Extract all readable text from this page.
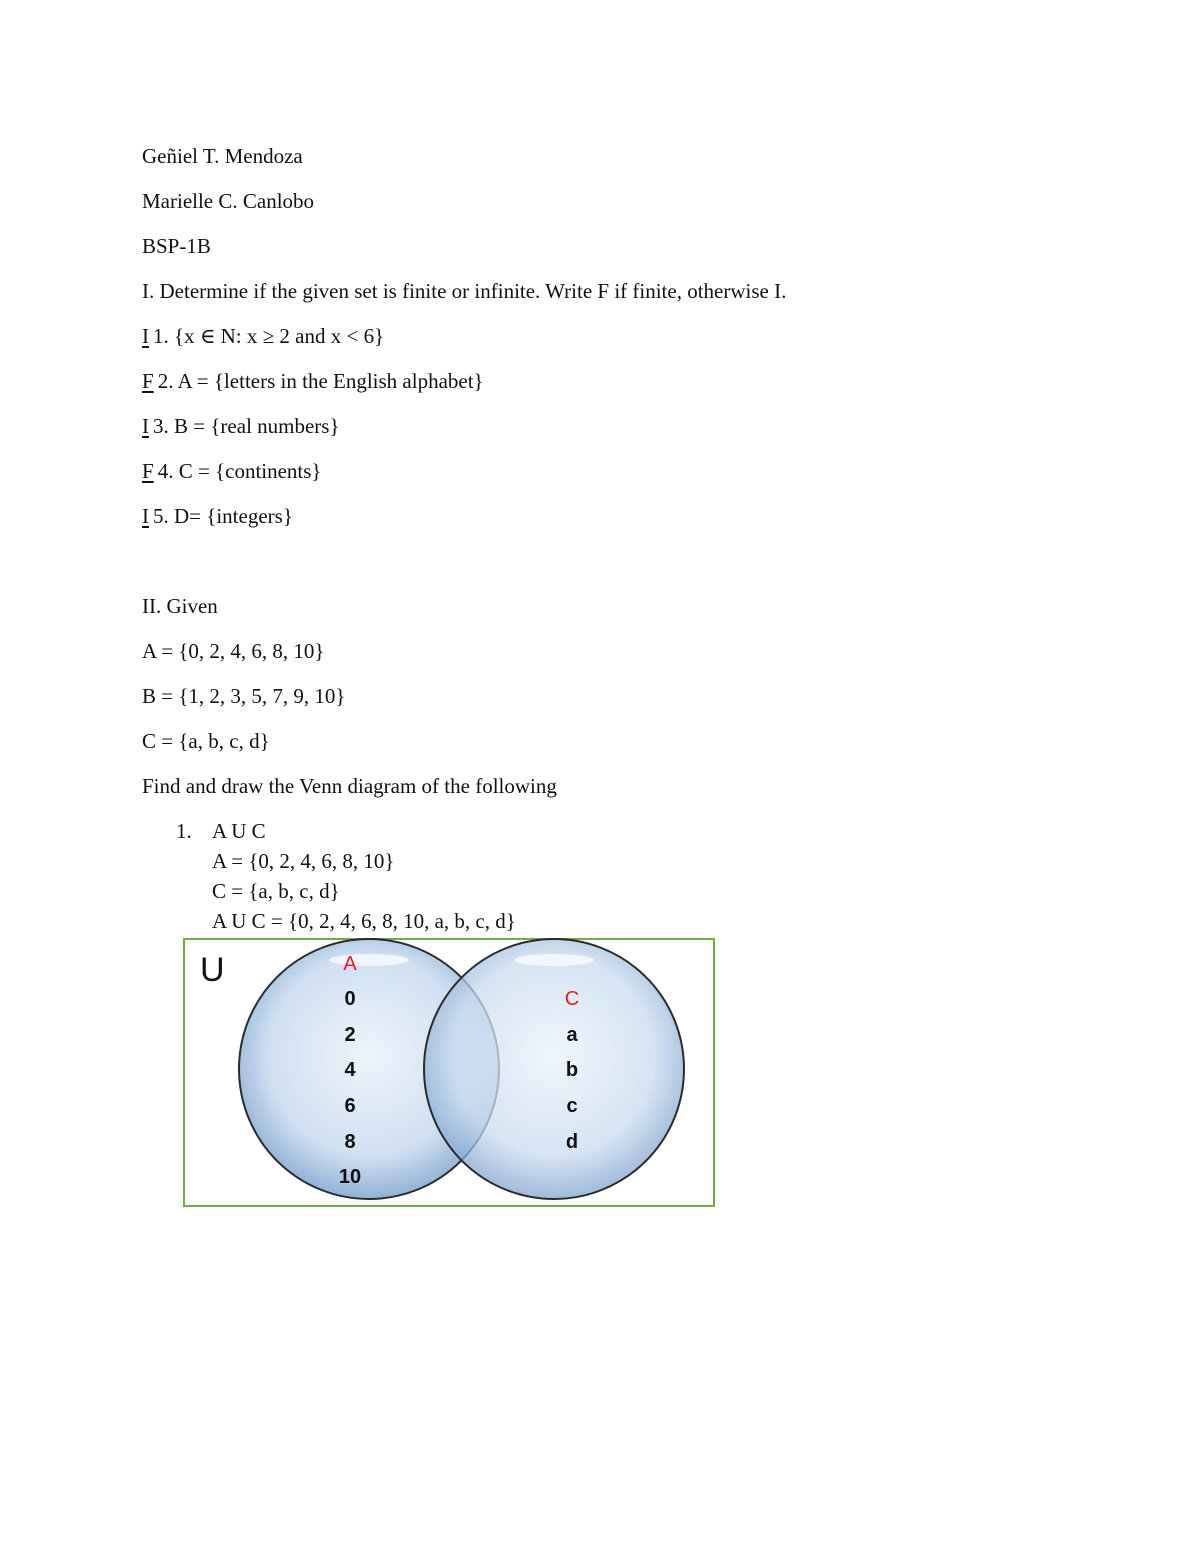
Geñiel T. Mendoza
Marielle C. Canlobo
BSP-1B
I. Determine if the given set is finite or infinite. Write F if finite, otherwise I.
I 1. {x ∈ N: x ≥ 2 and x < 6}
F 2. A = {letters in the English alphabet}
I 3. B = {real numbers}
F 4. C = {continents}
I 5. D= {integers}
II. Given
A = {0, 2, 4, 6, 8, 10}
B = {1, 2, 3, 5, 7, 9, 10}
C = {a, b, c, d}
Find and draw the Venn diagram of the following
1. A U C
A = {0, 2, 4, 6, 8, 10}
C = {a, b, c, d}
A U C = {0, 2, 4, 6, 8, 10, a, b, c, d}
U	A
0
2
4
6
8
10
C
a
b
c
d
